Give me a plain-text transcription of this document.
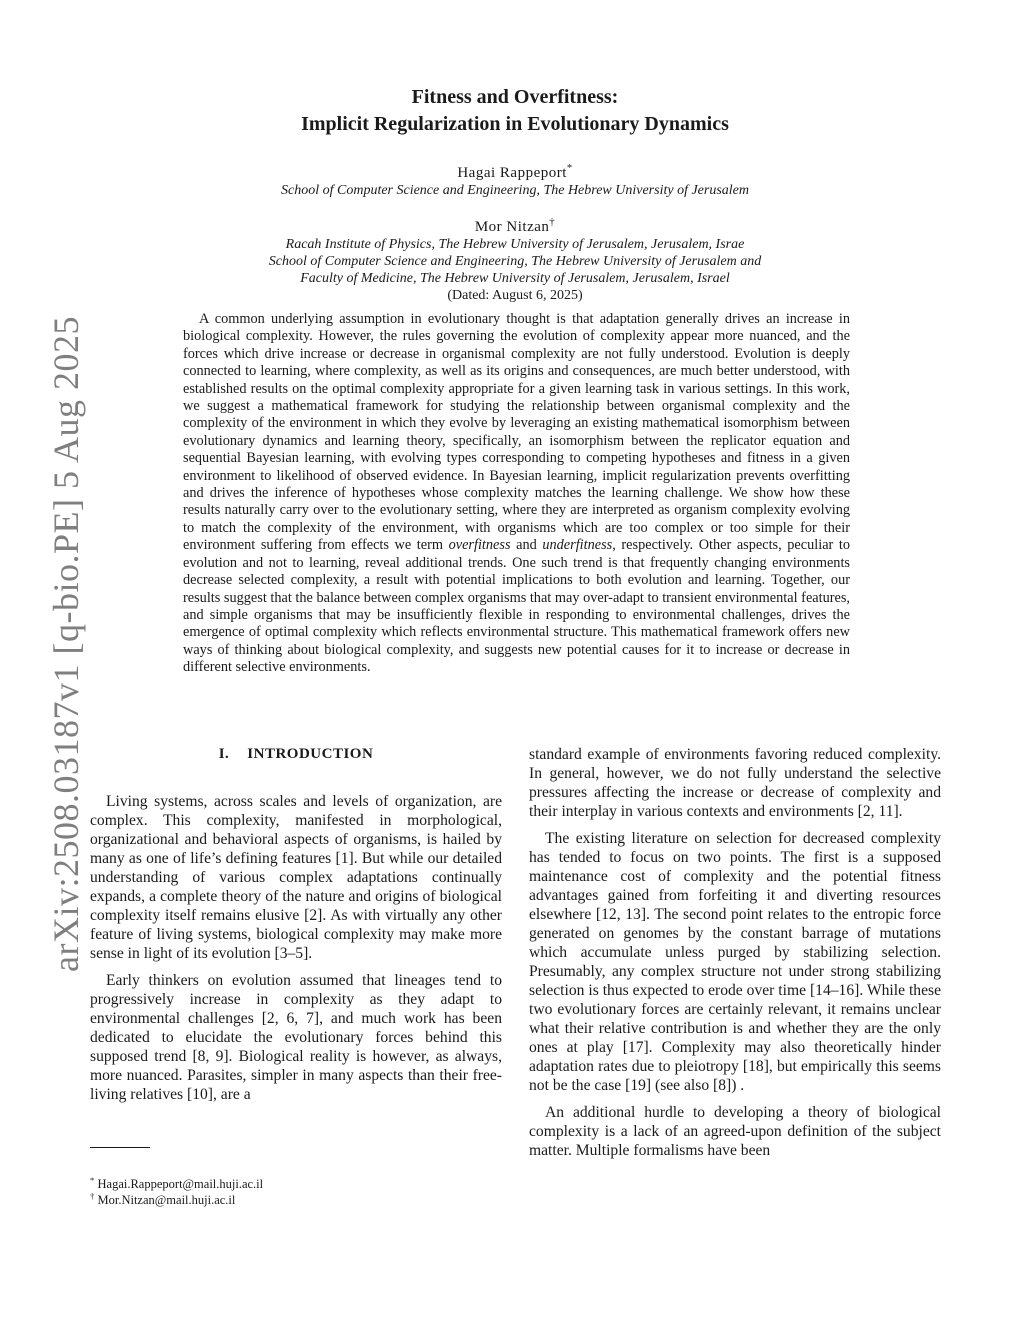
arXiv:2508.03187v1 [q-bio.PE] 5 Aug 2025
Fitness and Overfitness:
Implicit Regularization in Evolutionary Dynamics
Hagai Rappeport*
School of Computer Science and Engineering, The Hebrew University of Jerusalem
Mor Nitzan†
Racah Institute of Physics, The Hebrew University of Jerusalem, Jerusalem, Israe
School of Computer Science and Engineering, The Hebrew University of Jerusalem and
Faculty of Medicine, The Hebrew University of Jerusalem, Jerusalem, Israel
(Dated: August 6, 2025)

A common underlying assumption in evolutionary thought is that adaptation generally drives an increase in biological complexity. However, the rules governing the evolution of complexity appear more nuanced, and the forces which drive increase or decrease in organismal complexity are not fully understood. Evolution is deeply connected to learning, where complexity, as well as its origins and consequences, are much better understood, with established results on the optimal complexity appropriate for a given learning task in various settings. In this work, we suggest a mathematical framework for studying the relationship between organismal complexity and the complexity of the environment in which they evolve by leveraging an existing mathematical isomorphism between evolutionary dynamics and learning theory, specifically, an isomorphism between the replicator equation and sequential Bayesian learning, with evolving types corresponding to competing hypotheses and fitness in a given environment to likelihood of observed evidence. In Bayesian learning, implicit regularization prevents overfitting and drives the inference of hypotheses whose complexity matches the learning challenge. We show how these results naturally carry over to the evolutionary setting, where they are interpreted as organism complexity evolving to match the complexity of the environment, with organisms which are too complex or too simple for their environment suffering from effects we term overfitness and underfitness, respectively. Other aspects, peculiar to evolution and not to learning, reveal additional trends. One such trend is that frequently changing environments decrease selected complexity, a result with potential implications to both evolution and learning. Together, our results suggest that the balance between complex organisms that may over-adapt to transient environmental features, and simple organisms that may be insufficiently flexible in responding to environmental challenges, drives the emergence of optimal complexity which reflects environmental structure. This mathematical framework offers new ways of thinking about biological complexity, and suggests new potential causes for it to increase or decrease in different selective environments.

I. INTRODUCTION

Living systems, across scales and levels of organization, are complex. This complexity, manifested in morphological, organizational and behavioral aspects of organisms, is hailed by many as one of life’s defining features [1]. But while our detailed understanding of various complex adaptations continually expands, a complete theory of the nature and origins of biological complexity itself remains elusive [2]. As with virtually any other feature of living systems, biological complexity may make more sense in light of its evolution [3–5].

Early thinkers on evolution assumed that lineages tend to progressively increase in complexity as they adapt to environmental challenges [2, 6, 7], and much work has been dedicated to elucidate the evolutionary forces behind this supposed trend [8, 9]. Biological reality is however, as always, more nuanced. Parasites, simpler in many aspects than their free-living relatives [10], are a

standard example of environments favoring reduced complexity. In general, however, we do not fully understand the selective pressures affecting the increase or decrease of complexity and their interplay in various contexts and environments [2, 11].

The existing literature on selection for decreased complexity has tended to focus on two points. The first is a supposed maintenance cost of complexity and the potential fitness advantages gained from forfeiting it and diverting resources elsewhere [12, 13]. The second point relates to the entropic force generated on genomes by the constant barrage of mutations which accumulate unless purged by stabilizing selection. Presumably, any complex structure not under strong stabilizing selection is thus expected to erode over time [14–16]. While these two evolutionary forces are certainly relevant, it remains unclear what their relative contribution is and whether they are the only ones at play [17]. Complexity may also theoretically hinder adaptation rates due to pleiotropy [18], but empirically this seems not be the case [19] (see also [8]) .

An additional hurdle to developing a theory of biological complexity is a lack of an agreed-upon definition of the subject matter. Multiple formalisms have been

* Hagai.Rappeport@mail.huji.ac.il
† Mor.Nitzan@mail.huji.ac.il
